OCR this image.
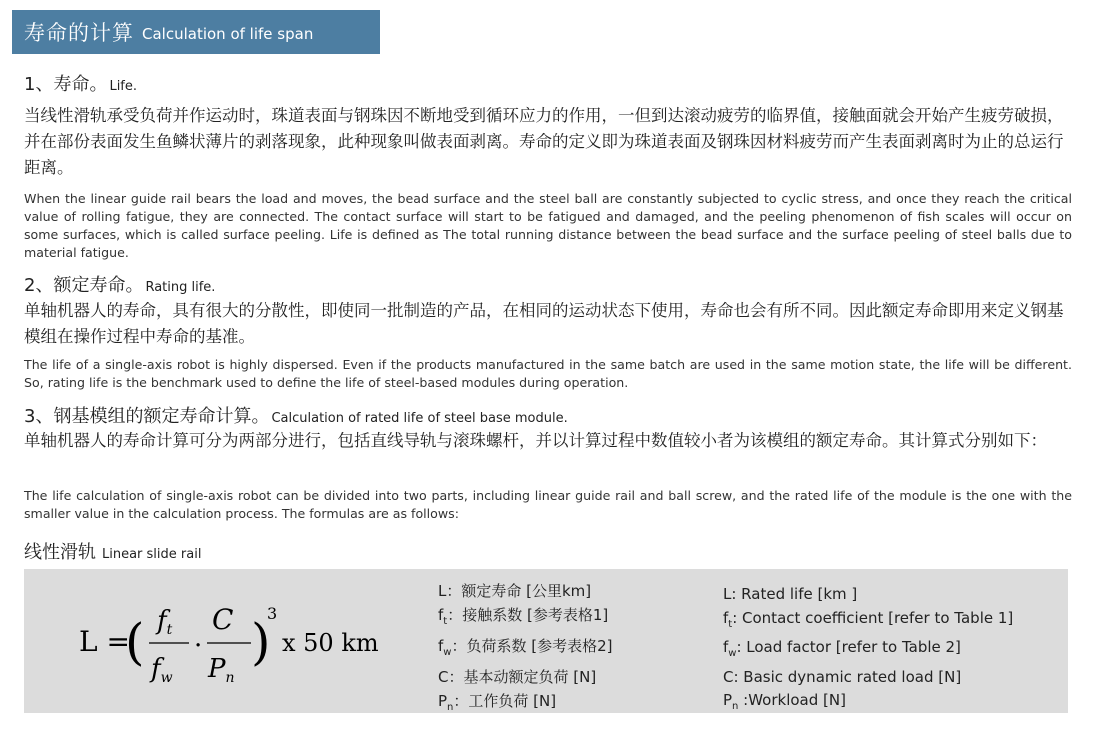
寿命的计算 Calculation of life span
1、寿命。 Life.
当线性滑轨承受负荷并作运动时，珠道表面与钢珠因不断地受到循环应力的作用，一但到达滚动疲劳的临界值，接触面就会开始产生疲劳破损，并在部份表面发生鱼鳞状薄片的剥落现象，此种现象叫做表面剥离。寿命的定义即为珠道表面及钢珠因材料疲劳而产生表面剥离时为止的总运行距离。
When the linear guide rail bears the load and moves, the bead surface and the steel ball are constantly subjected to cyclic stress, and once they reach the critical value of rolling fatigue, they are connected. The contact surface will start to be fatigued and damaged, and the peeling phenomenon of fish scales will occur on some surfaces, which is called surface peeling. Life is defined as The total running distance between the bead surface and the surface peeling of steel balls due to material fatigue.
2、额定寿命。 Rating life.
单轴机器人的寿命，具有很大的分散性，即使同一批制造的产品，在相同的运动状态下使用，寿命也会有所不同。因此额定寿命即用来定义钢基模组在操作过程中寿命的基准。
The life of a single-axis robot is highly dispersed. Even if the products manufactured in the same batch are used in the same motion state, the life will be different. So, rating life is the benchmark used to define the life of steel-based modules during operation.
3、钢基模组的额定寿命计算。 Calculation of rated life of steel base module.
单轴机器人的寿命计算可分为两部分进行，包括直线导轨与滚珠螺杆，并以计算过程中数值较小者为该模组的额定寿命。其计算式分别如下：
The life calculation of single-axis robot can be divided into two parts, including linear guide rail and ball screw, and the rated life of the module is the one with the smaller value in the calculation process. The formulas are as follows:
线性滑轨 Linear slide rail
L =
( ft
fw
·
C
Pn
)
3
x 50 km
L：额定寿命 [公里km]
$f_t$：接触系数 [参考表格1]
$f_w$：负荷系数 [参考表格2]
C：基本动额定负荷 [N]
$P_n$：工作负荷 [N]
L: Rated life [km ]
$f_t$: Contact coefficient [refer to Table 1]
$f_w$: Load factor [refer to Table 2]
C: Basic dynamic rated load [N]
$P_n$ :Workload [N]
